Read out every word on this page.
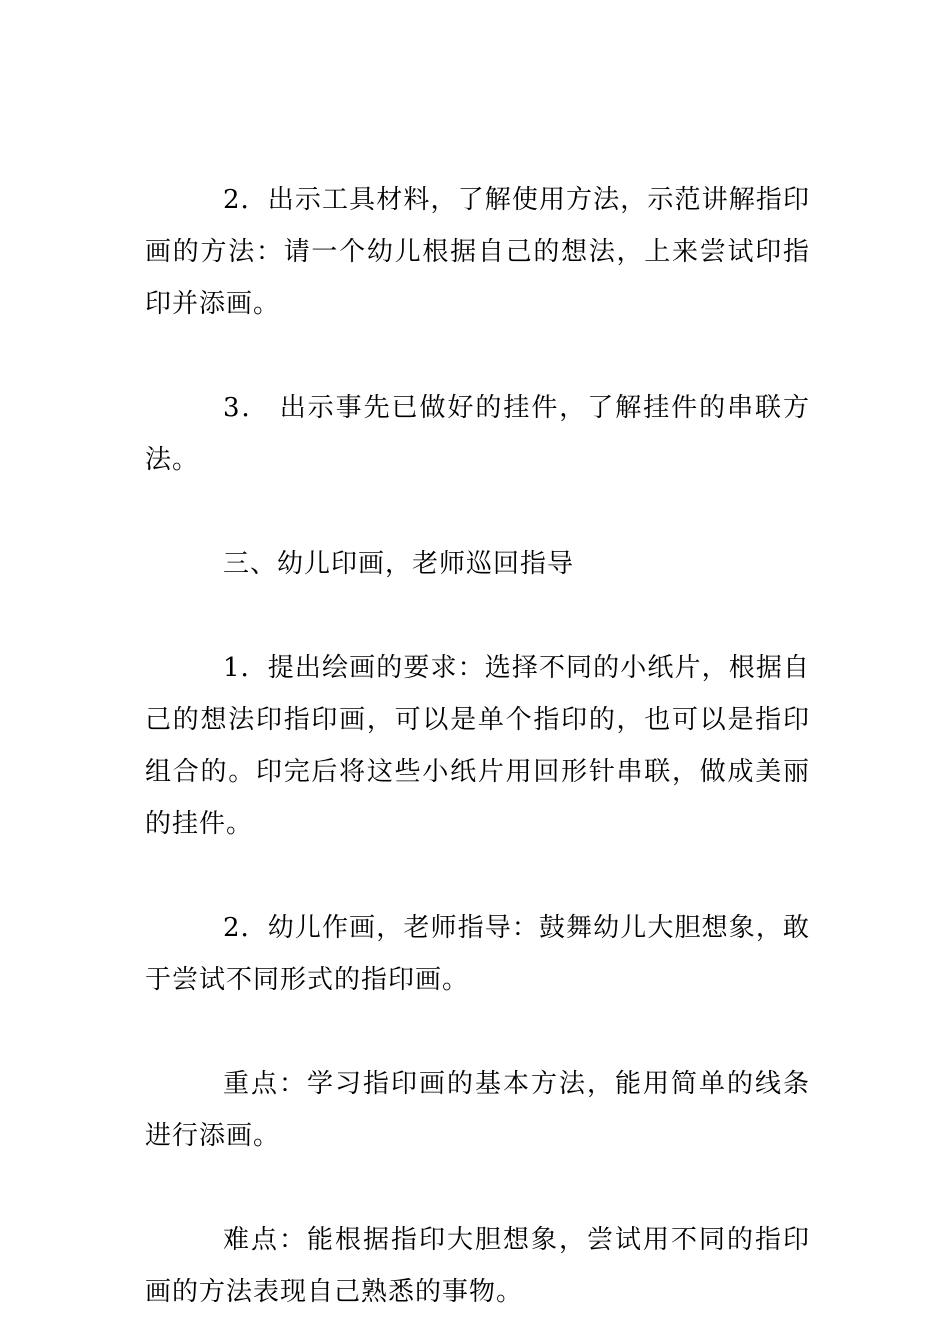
2．出示工具材料，了解使用方法，示范讲解指印画的方法：请一个幼儿根据自己的想法，上来尝试印指印并添画。

3． 出示事先已做好的挂件，了解挂件的串联方法。

三、幼儿印画，老师巡回指导

1．提出绘画的要求：选择不同的小纸片，根据自己的想法印指印画，可以是单个指印的，也可以是指印组合的。印完后将这些小纸片用回形针串联，做成美丽的挂件。

2．幼儿作画，老师指导：鼓舞幼儿大胆想象，敢于尝试不同形式的指印画。

重点：学习指印画的基本方法，能用简单的线条进行添画。

难点：能根据指印大胆想象，尝试用不同的指印画的方法表现自己熟悉的事物。
